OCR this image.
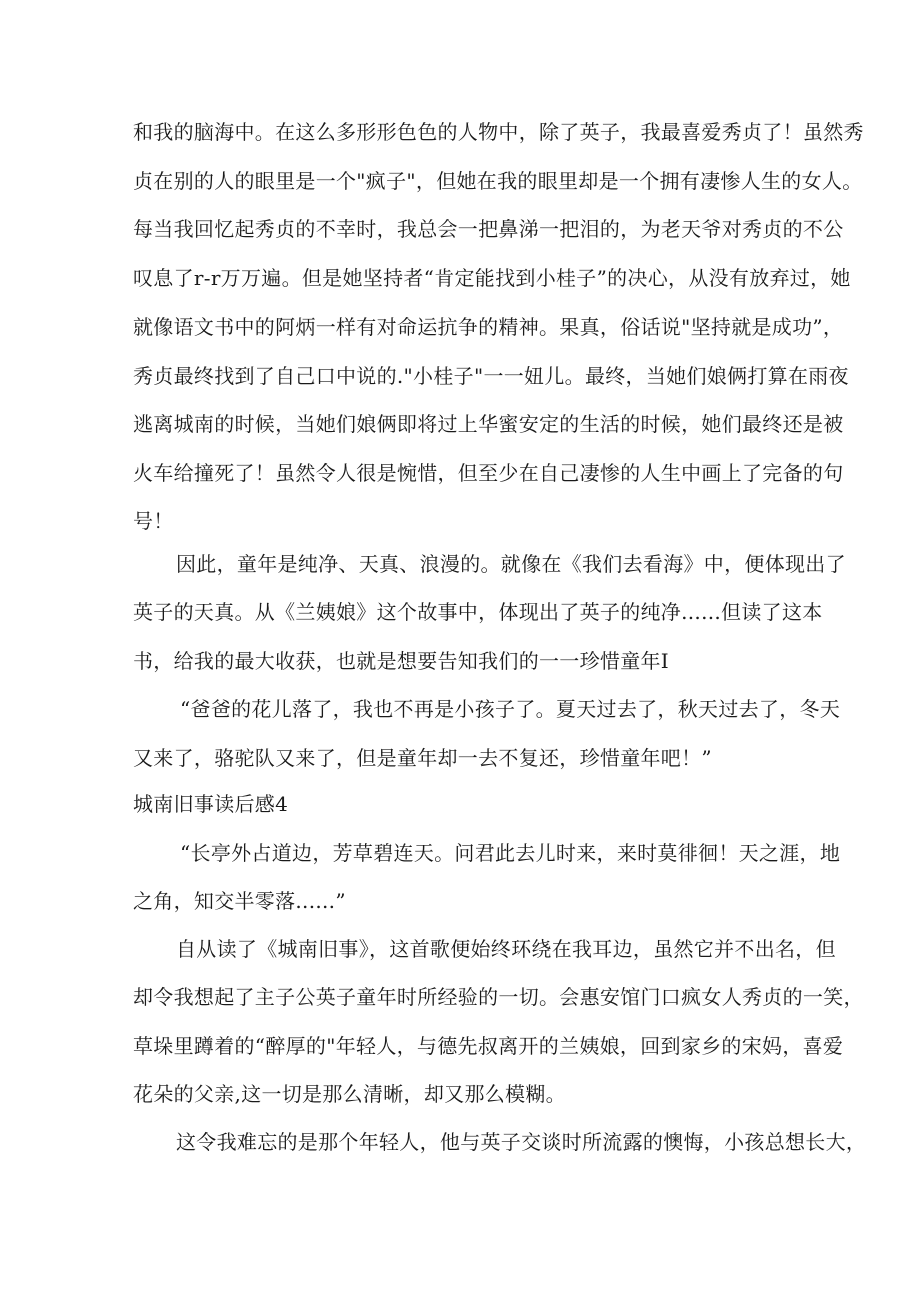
和我的脑海中。在这么多形形色色的人物中，除了英子，我最喜爱秀贞了！虽然秀
贞在别的人的眼里是一个"疯子"，但她在我的眼里却是一个拥有凄惨人生的女人。
每当我回忆起秀贞的不幸时，我总会一把鼻涕一把泪的，为老天爷对秀贞的不公
叹息了r-r万万遍。但是她坚持者“肯定能找到小桂子”的决心，从没有放弃过，她
就像语文书中的阿炳一样有对命运抗争的精神。果真，俗话说"坚持就是成功”，
秀贞最终找到了自己口中说的."小桂子"一一妞儿。最终，当她们娘俩打算在雨夜
逃离城南的时候，当她们娘俩即将过上华蜜安定的生活的时候，她们最终还是被
火车给撞死了！虽然令人很是惋惜，但至少在自己凄惨的人生中画上了完备的句
号！
因此，童年是纯净、天真、浪漫的。就像在《我们去看海》中，便体现出了
英子的天真。从《兰姨娘》这个故事中，体现出了英子的纯净......但读了这本
书，给我的最大收获，也就是想要告知我们的一一珍惜童年I
“爸爸的花儿落了，我也不再是小孩子了。夏天过去了，秋天过去了，冬天
又来了，骆驼队又来了，但是童年却一去不复还，珍惜童年吧！”
城南旧事读后感4
“长亭外占道边，芳草碧连天。问君此去儿时来，来时莫徘徊！天之涯，地
之角，知交半零落......”
自从读了《城南旧事》，这首歌便始终环绕在我耳边，虽然它并不出名，但
却令我想起了主子公英子童年时所经验的一切。会惠安馆门口疯女人秀贞的一笑，
草垛里蹲着的“醉厚的"年轻人，与德先叔离开的兰姨娘，回到家乡的宋妈，喜爱
花朵的父亲,这一切是那么清晰，却又那么模糊。
这令我难忘的是那个年轻人，他与英子交谈时所流露的懊悔，小孩总想长大，
